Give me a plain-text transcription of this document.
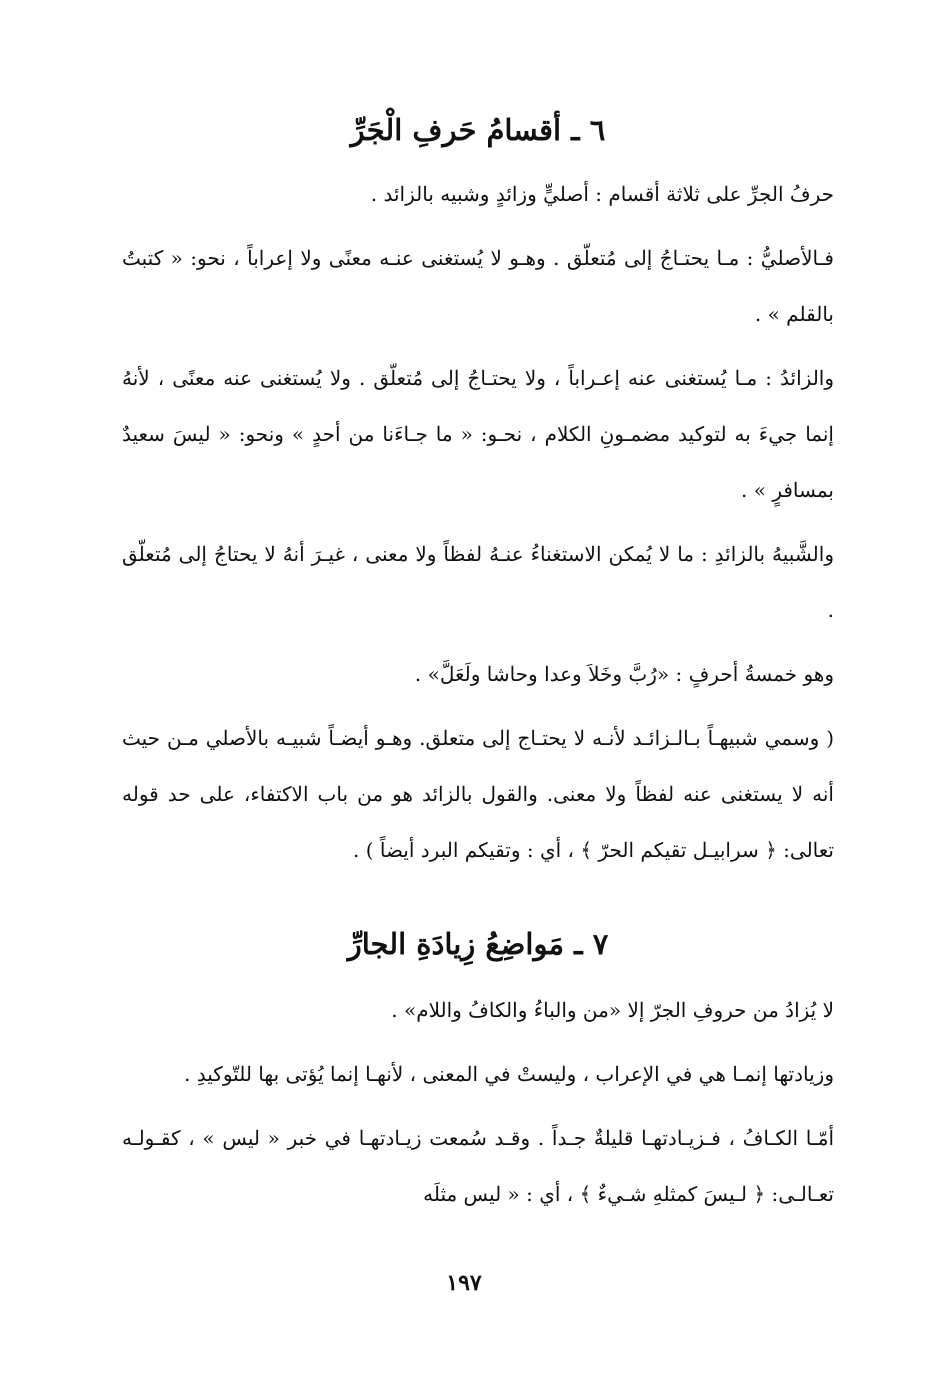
٦ ـ أقسامُ حَرفِ الْجَرِّ

حرفُ الجرِّ على ثلاثة أقسام : أصليٍّ وزائدٍ وشبيه بالزائد .

فـالأصليُّ : مـا يحتـاجُ إلى مُتعلّق . وهـو لا يُستغنى عنـه معنًى ولا إعراباً ، نحو: « كتبتُ بالقلم » .

والزائدُ : مـا يُستغنى عنه إعـراباً ، ولا يحتـاجُ إلى مُتعلّق . ولا يُستغنى عنه معنًى ، لأنهُ إنما جيءَ به لتوكيد مضمـونِ الكلام ، نحـو: « ما جـاءَنا من أحدٍ » ونحو: « ليسَ سعيدٌ بمسافرٍ » .

والشَّبيهُ بالزائدِ : ما لا يُمكن الاستغناءُ عنـهُ لفظاً ولا معنى ، غيـرَ أنهُ لا يحتاجُ إلى مُتعلّق .

وهو خمسةُ أحرفٍ : «رُبَّ وخَلاَ وعدا وحاشا ولَعَلَّ» .

( وسمي شبيهـاً بـالـزائـد لأنـه لا يحتـاج إلى متعلق. وهـو أيضـاً شبيـه بالأصلي مـن حيث أنه لا يستغنى عنه لفظاً ولا معنى. والقول بالزائد هو من باب الاكتفاء، على حد قوله تعالى: ﴿ سرابيـل تقيكم الحرّ ﴾ ، أي : وتقيكم البرد أيضاً ) .

٧ ـ مَواضِعُ زِيادَةِ الجارِّ

لا يُزادُ من حروفِ الجرّ إلا «من والباءُ والكافُ واللام» .

وزيادتها إنمـا هي في الإعراب ، وليستْ في المعنى ، لأنهـا إنما يُؤتى بها للتّوكيدِ .

أمّـا الكـافُ ، فـزيـادتهـا قليلةٌ جـداً . وقـد سُمعت زيـادتهـا في خبر « ليس » ، كقـولـه تعـالـى: ﴿ لـيسَ كمثلهِ شـيءٌ ﴾ ، أي : « ليس مثلَه

١٩٧
